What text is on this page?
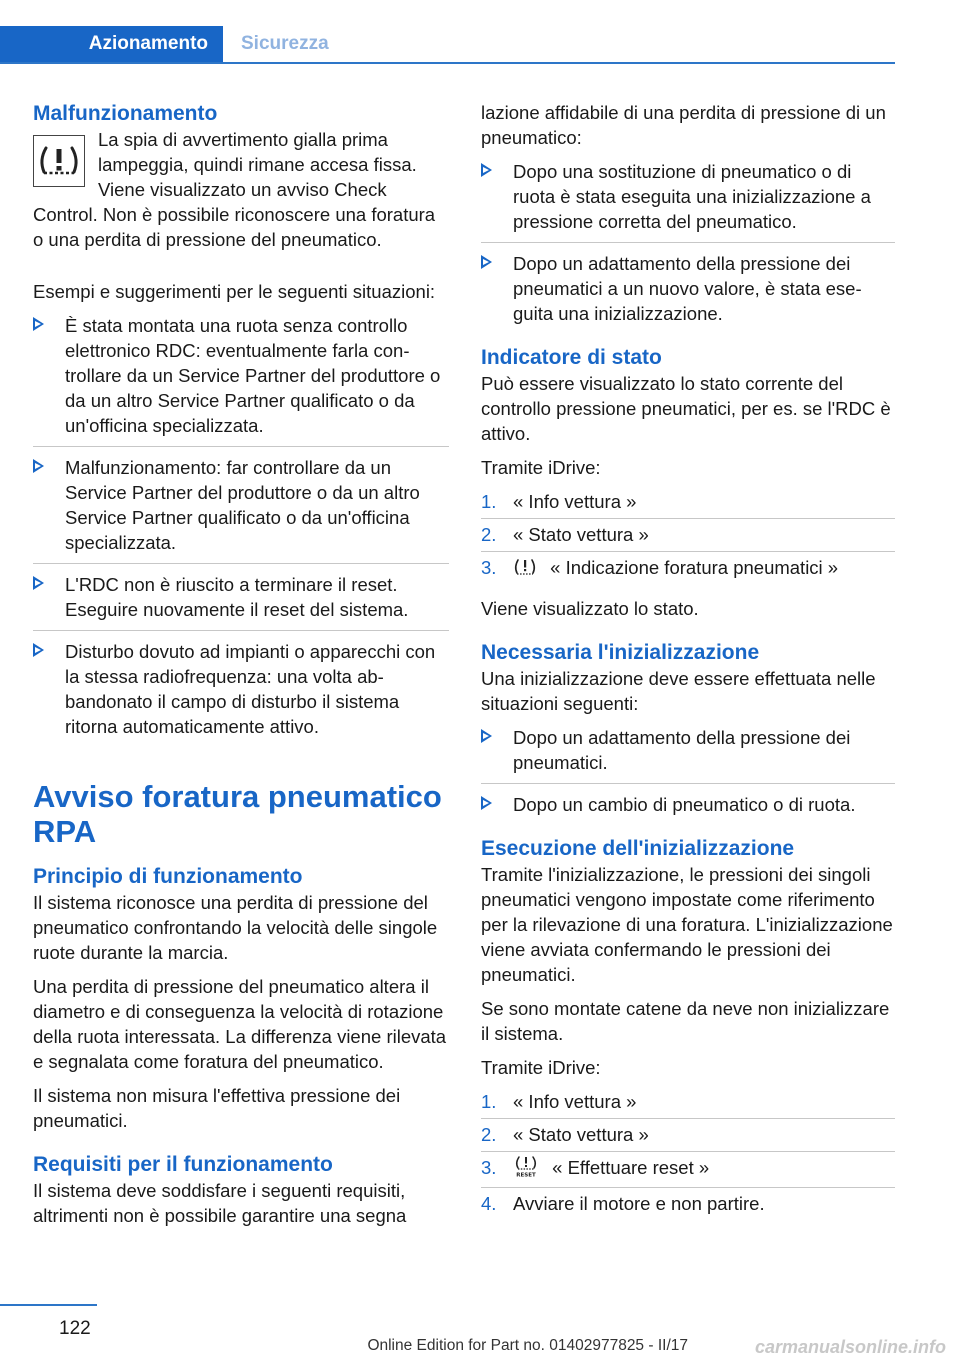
Azionamento	Sicurezza
Malfunzionamento

La spia di avvertimento gialla prima lampeggia, quindi rimane accesa fissa. Viene visualizzato un avviso Check Control. Non è possibile riconoscere una foratura o una perdita di pressione del pneumatico.

Esempi e suggerimenti per le seguenti situazioni:

È stata montata una ruota senza controllo elettronico RDC: eventualmente farla controllare da un Service Partner del produttore o da un altro Service Partner qualificato o da un'officina specializzata.
Malfunzionamento: far controllare da un Service Partner del produttore o da un altro Service Partner qualificato o da un'officina specializzata.
L'RDC non è riuscito a terminare il reset. Eseguire nuovamente il reset del sistema.
Disturbo dovuto ad impianti o apparecchi con la stessa radiofrequenza: una volta abbandonato il campo di disturbo il sistema ritorna automaticamente attivo.
Avviso foratura pneumatico RPA
Principio di funzionamento

Il sistema riconosce una perdita di pressione del pneumatico confrontando la velocità delle singole ruote durante la marcia.

Una perdita di pressione del pneumatico altera il diametro e di conseguenza la velocità di rotazione della ruota interessata. La differenza viene rilevata e segnalata come foratura del pneumatico.

Il sistema non misura l'effettiva pressione dei pneumatici.

Requisiti per il funzionamento

Il sistema deve soddisfare i seguenti requisiti, altrimenti non è possibile garantire una segna

lazione affidabile di una perdita di pressione di un pneumatico:

Dopo una sostituzione di pneumatico o di ruota è stata eseguita una inizializzazione a pressione corretta del pneumatico.
Dopo un adattamento della pressione dei pneumatici a un nuovo valore, è stata eseguita una inizializzazione.
Indicatore di stato

Può essere visualizzato lo stato corrente del controllo pressione pneumatici, per es. se l'RDC è attivo.

Tramite iDrive:

1. « Info vettura »
2. « Stato vettura »
3.	« Indicazione foratura pneumatici »

Viene visualizzato lo stato.

Necessaria l'inizializzazione

Una inizializzazione deve essere effettuata nelle situazioni seguenti:

Dopo un adattamento della pressione dei pneumatici.
Dopo un cambio di pneumatico o di ruota.
Esecuzione dell'inizializzazione

Tramite l'inizializzazione, le pressioni dei singoli pneumatici vengono impostate come riferimento per la rilevazione di una foratura. L'inizializzazione viene avviata confermando le pressioni dei pneumatici.

Se sono montate catene da neve non inizializzare il sistema.

Tramite iDrive:

1. « Info vettura »
2. « Stato vettura »
3.	RESET « Effettuare reset »
4. Avviare il motore e non partire.
122
Online Edition for Part no. 01402977825 - II/17	carmanualsonline.info
